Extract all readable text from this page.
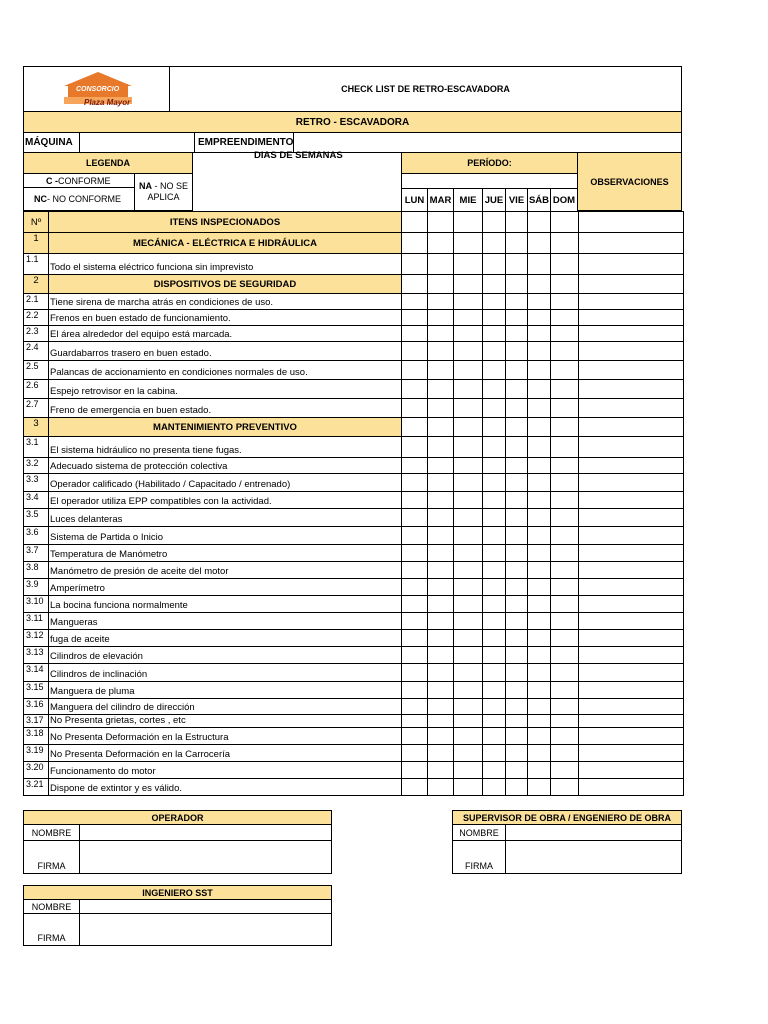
CONSORCIO
Plaza Mayor
CHECK LIST DE RETRO-ESCAVADORA
RETRO - ESCAVADORA
MÁQUINA	EMPREENDIMENTO
LEGENDA
C - CONFORME
NC - NO CONFORME
NA - NO SE APLICA
DIAS DE SEMANAS
PERÍODO:
LUN MAR MIE JUE VIE SÁB DOM
OBSERVACIONES
Nº	ITENS INSPECIONADOS								
1	MECÁNICA - ELÉCTRICA E HIDRÁULICA								
1.1	Todo el sistema eléctrico funciona sin imprevisto								
2	DISPOSITIVOS DE SEGURIDAD								
2.1	Tiene sirena de marcha atrás en condiciones de uso.								
2.2	Frenos en buen estado de funcionamiento.								
2.3	El área alrededor del equipo está marcada.								
2.4	Guardabarros trasero en buen estado.								
2.5	Palancas de accionamiento en condiciones normales de uso.								
2.6	Espejo retrovisor en la cabina.								
2.7	Freno de emergencia en buen estado.								
3	MANTENIMIENTO PREVENTIVO								
3.1	El sistema hidráulico no presenta tiene fugas.								
3.2	Adecuado sistema de protección colectiva								
3.3	Operador calificado (Habilitado / Capacitado / entrenado)								
3.4	El operador utiliza EPP compatibles con la actividad.								
3.5	Luces delanteras								
3.6	Sistema de Partida o Inicio								
3.7	Temperatura de Manómetro								
3.8	Manómetro de presión de aceite del motor								
3.9	Amperímetro								
3.10	La bocina funciona normalmente								
3.11	Mangueras								
3.12	fuga de aceite								
3.13	Cilindros de elevación								
3.14	Cilindros de inclinación								
3.15	Manguera de pluma								
3.16	Manguera del cilindro de dirección								
3.17	No Presenta grietas, cortes , etc								
3.18	No Presenta Deformación en la Estructura								
3.19	No Presenta Deformación en la Carrocería								
3.20	Funcionamento do motor								
3.21	Dispone de extintor y es válido.								
OPERADOR
NOMBRE
FIRMA
SUPERVISOR DE OBRA / ENGENIERO DE OBRA
NOMBRE
FIRMA
INGENIERO SST
NOMBRE
FIRMA
